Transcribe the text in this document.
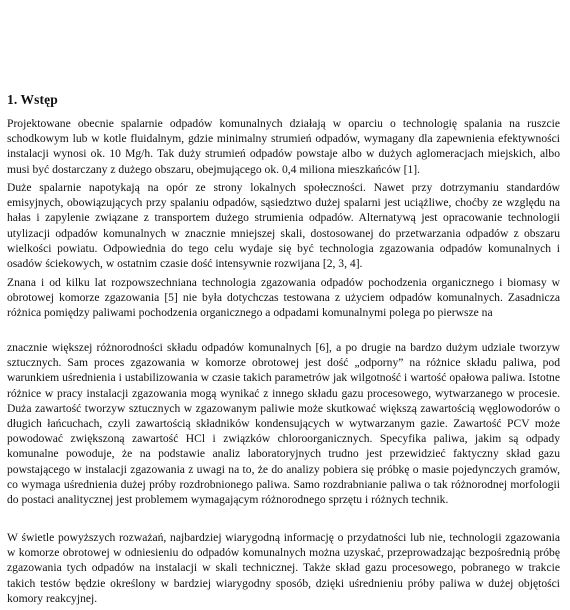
1. Wstęp

Projektowane obecnie spalarnie odpadów komunalnych działają w oparciu o technologię spalania na ruszcie schodkowym lub w kotle fluidalnym, gdzie minimalny strumień odpadów, wymagany dla zapewnienia efektywności instalacji wynosi ok. 10 Mg/h. Tak duży strumień odpadów powstaje albo w dużych aglomeracjach miejskich, albo musi być dostarczany z dużego obszaru, obejmującego ok. 0,4 miliona mieszkańców [1].

Duże spalarnie napotykają na opór ze strony lokalnych społeczności. Nawet przy dotrzymaniu standardów emisyjnych, obowiązujących przy spalaniu odpadów, sąsiedztwo dużej spalarni jest uciążliwe, choćby ze względu na hałas i zapylenie związane z transportem dużego strumienia odpadów. Alternatywą jest opracowanie technologii utylizacji odpadów komunalnych w znacznie mniejszej skali, dostosowanej do przetwarzania odpadów z obszaru wielkości powiatu. Odpowiednia do tego celu wydaje się być technologia zgazowania odpadów komunalnych i osadów ściekowych, w ostatnim czasie dość intensywnie rozwijana [2, 3, 4].

Znana i od kilku lat rozpowszechniana technologia zgazowania odpadów pochodzenia organicznego i biomasy w obrotowej komorze zgazowania [5] nie była dotychczas testowana z użyciem odpadów komunalnych. Zasadnicza różnica pomiędzy paliwami pochodzenia organicznego a odpadami komunalnymi polega po pierwsze na

znacznie większej różnorodności składu odpadów komunalnych [6], a po drugie na bardzo dużym udziale tworzyw sztucznych. Sam proces zgazowania w komorze obrotowej jest dość „odporny” na różnice składu paliwa, pod warunkiem uśrednienia i ustabilizowania w czasie takich parametrów jak wilgotność i wartość opałowa paliwa. Istotne różnice w pracy instalacji zgazowania mogą wynikać z innego składu gazu procesowego, wytwarzanego w procesie. Duża zawartość tworzyw sztucznych w zgazowanym paliwie może skutkować większą zawartością węglowodorów o długich łańcuchach, czyli zawartością składników kondensujących w wytwarzanym gazie. Zawartość PCV może powodować zwiększoną zawartość HCl i związków chloroorganicznych. Specyfika paliwa, jakim są odpady komunalne powoduje, że na podstawie analiz laboratoryjnych trudno jest przewidzieć faktyczny skład gazu powstającego w instalacji zgazowania z uwagi na to, że do analizy pobiera się próbkę o masie pojedynczych gramów, co wymaga uśrednienia dużej próby rozdrobnionego paliwa. Samo rozdrabnianie paliwa o tak różnorodnej morfologii do postaci analitycznej jest problemem wymagającym różnorodnego sprzętu i różnych technik.

W świetle powyższych rozważań, najbardziej wiarygodną informację o przydatności lub nie, technologii zgazowania w komorze obrotowej w odniesieniu do odpadów komunalnych można uzyskać, przeprowadzając bezpośrednią próbę zgazowania tych odpadów na instalacji w skali technicznej. Także skład gazu procesowego, pobranego w trakcie takich testów będzie określony w bardziej wiarygodny sposób, dzięki uśrednieniu próby paliwa w dużej objętości komory reakcyjnej.
